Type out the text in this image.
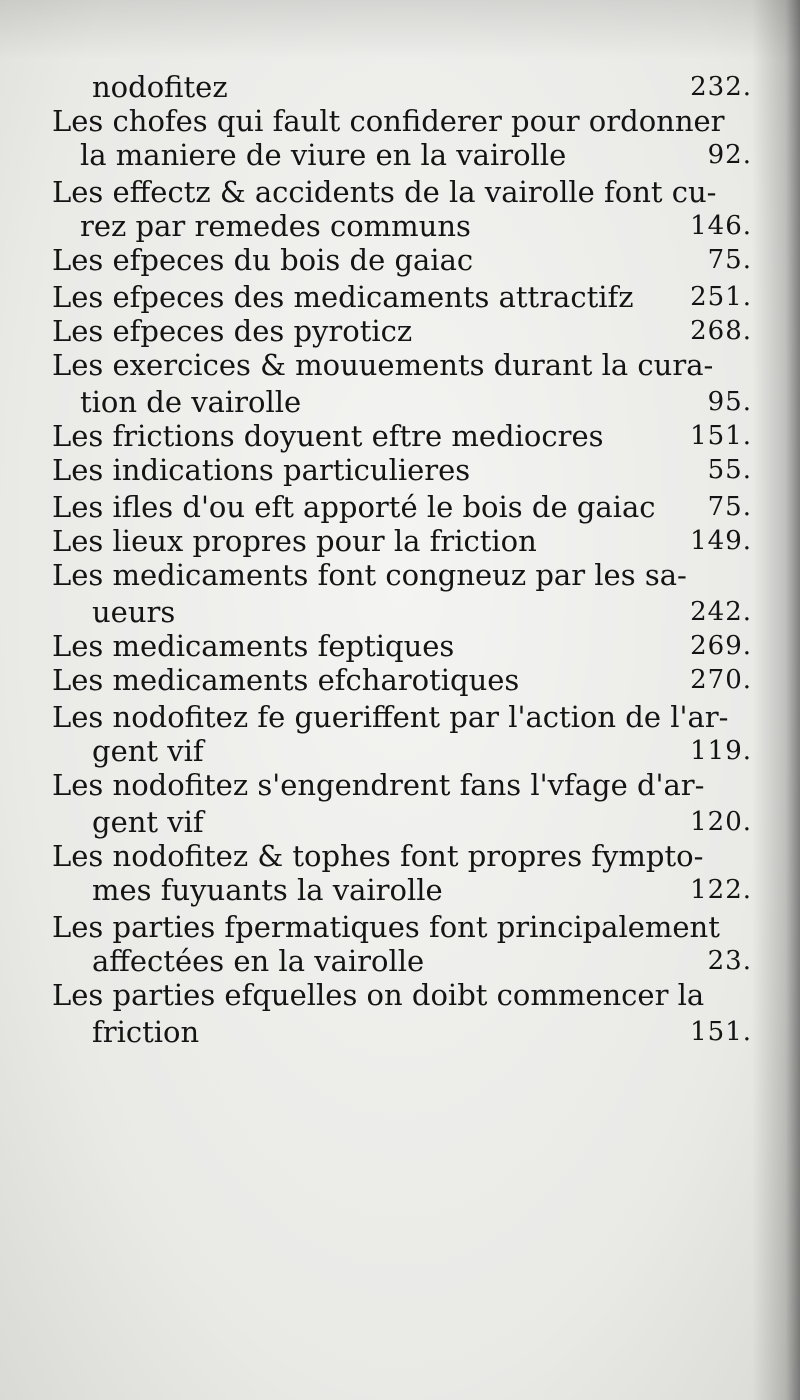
nodofitez	232.
Les chofes qui fault confiderer pour ordonner
la maniere de viure en la vairolle	92.
Les effectz & accidents de la vairolle font cu-
rez par remedes communs	146.
Les efpeces du bois de gaiac	75.
Les efpeces des medicaments attractifz 251.
Les efpeces des pyroticz	268.
Les exercices & mouuements durant la cura-
tion de vairolle	95.
Les frictions doyuent eftre mediocres	151.
Les indications particulieres	55.
Les ifles d'ou eft apporté le bois de gaiac 75.
Les lieux propres pour la friction	149.
Les medicaments font congneuz par les sa-
ueurs	242.
Les medicaments feptiques	269.
Les medicaments efcharotiques	270.
Les nodofitez fe gueriffent par l'action de l'ar-
gent vif	119.
Les nodofitez s'engendrent fans l'vfage d'ar-
gent vif	120.
Les nodofitez & tophes font propres fympto-
mes fuyuants la vairolle	122.
Les parties fpermatiques font principalement
affectées en la vairolle	23.
Les parties efquelles on doibt commencer la
friction	151.
